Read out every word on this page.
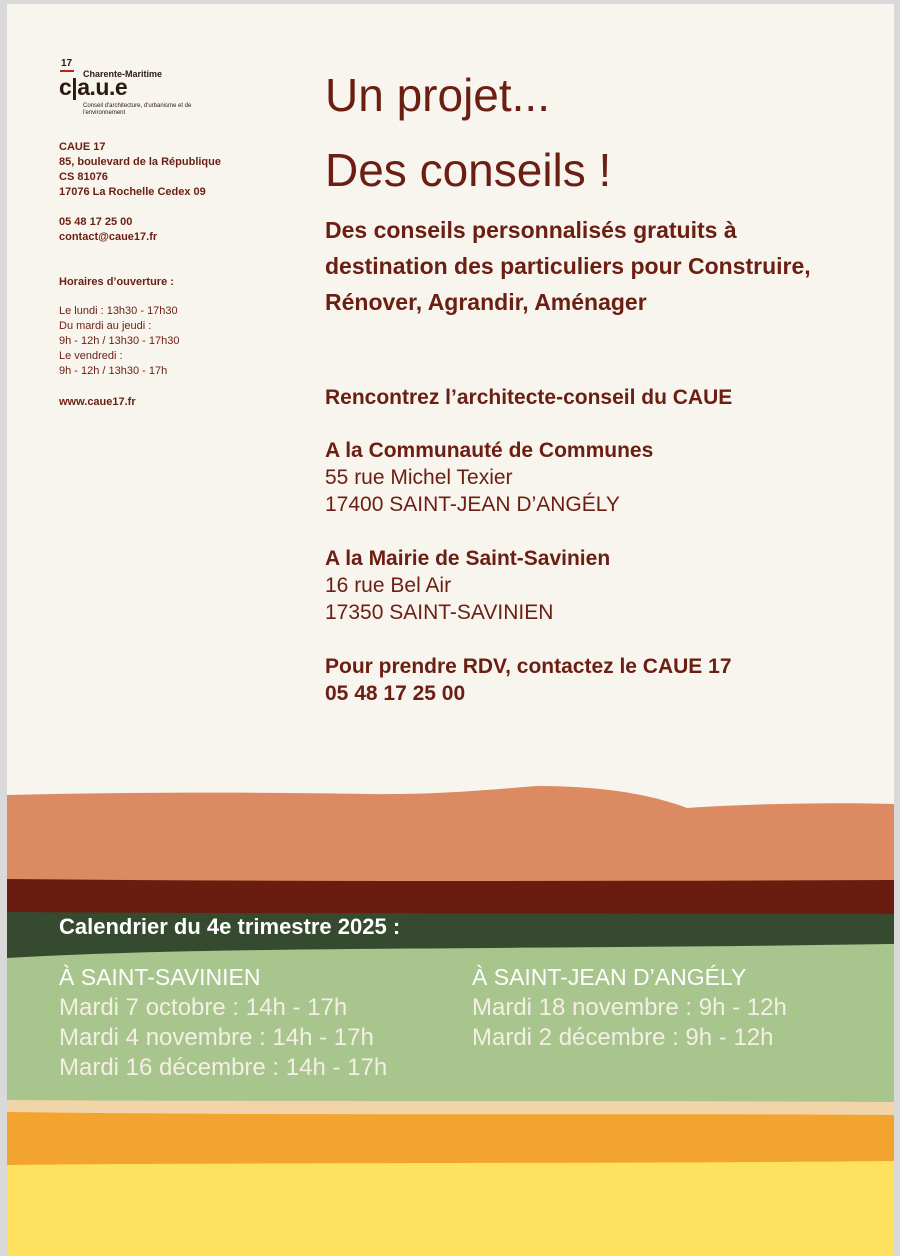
17
c|a.u.e
Charente-Maritime
Conseil d'architecture, d'urbanisme et de l'environnement
CAUE 17
85, boulevard de la République
CS 81076
17076 La Rochelle Cedex 09
05 48 17 25 00
contact@caue17.fr
Horaires d’ouverture :
Le lundi : 13h30 - 17h30
Du mardi au jeudi :
9h - 12h / 13h30 - 17h30
Le vendredi :
9h - 12h / 13h30 - 17h
www.caue17.fr
Un projet...
Des conseils !
Des conseils personnalisés gratuits à destination des particuliers pour Construire, Rénover, Agrandir, Aménager
Rencontrez l’architecte-conseil du CAUE
A la Communauté de Communes
55 rue Michel Texier
17400 SAINT-JEAN D’ANGÉLY
A la Mairie de Saint-Savinien
16 rue Bel Air
17350 SAINT-SAVINIEN
Pour prendre RDV, contactez le CAUE 17
05 48 17 25 00
Calendrier du 4e trimestre 2025 :
À SAINT-SAVINIEN
Mardi 7 octobre : 14h - 17h
Mardi 4 novembre : 14h - 17h
Mardi 16 décembre : 14h - 17h
À SAINT-JEAN D’ANGÉLY
Mardi 18 novembre : 9h - 12h
Mardi 2 décembre : 9h - 12h
